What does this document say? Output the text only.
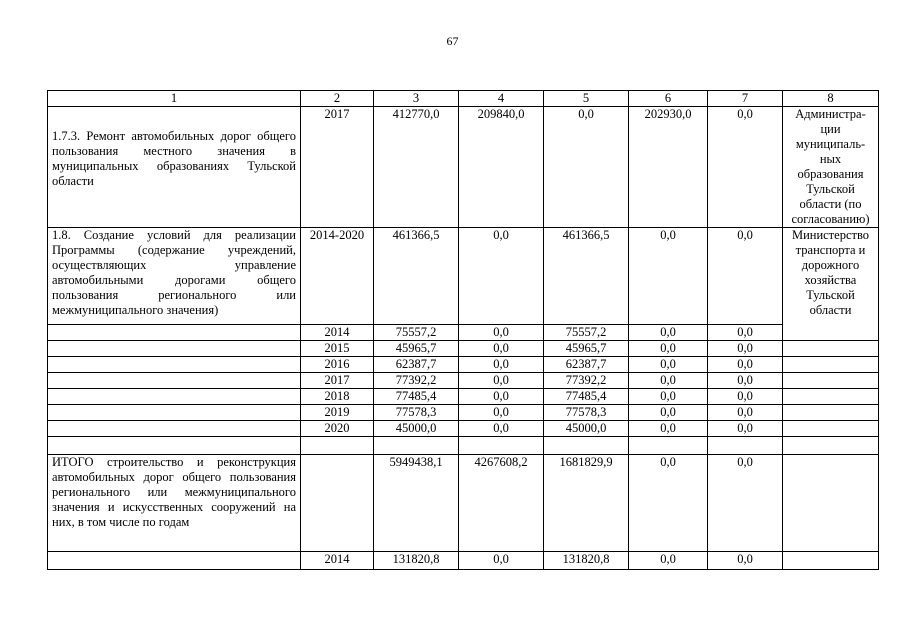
67
1	2	3	4	5	6	7	8

1.7.3. Ремонт автомобильных дорог общего пользования местного значения в муниципальных образованиях Тульской области	2017	412770,0	209840,0	0,0	202930,0	0,0	Администра-ции муниципаль-ных образования Тульской области (по согласованию)
1.8. Создание условий для реализации Программы (содержание учреждений, осуществляющих управление автомобильными дорогами общего пользования регионального или межмуниципального значения)	2014-2020	461366,5	0,0	461366,5	0,0	0,0	Министерство транспорта и дорожного хозяйства Тульской области
	2014	75557,2	0,0	75557,2	0,0	0,0	
	2015	45965,7	0,0	45965,7	0,0	0,0	
	2016	62387,7	0,0	62387,7	0,0	0,0	
	2017	77392,2	0,0	77392,2	0,0	0,0	
	2018	77485,4	0,0	77485,4	0,0	0,0	
	2019	77578,3	0,0	77578,3	0,0	0,0	
	2020	45000,0	0,0	45000,0	0,0	0,0	

ИТОГО строительство и реконструкция автомобильных дорог общего пользования регионального или межмуниципального значения и искусственных сооружений на них, в том числе по годам		5949438,1	4267608,2	1681829,9	0,0	0,0	
	2014	131820,8	0,0	131820,8	0,0	0,0	
